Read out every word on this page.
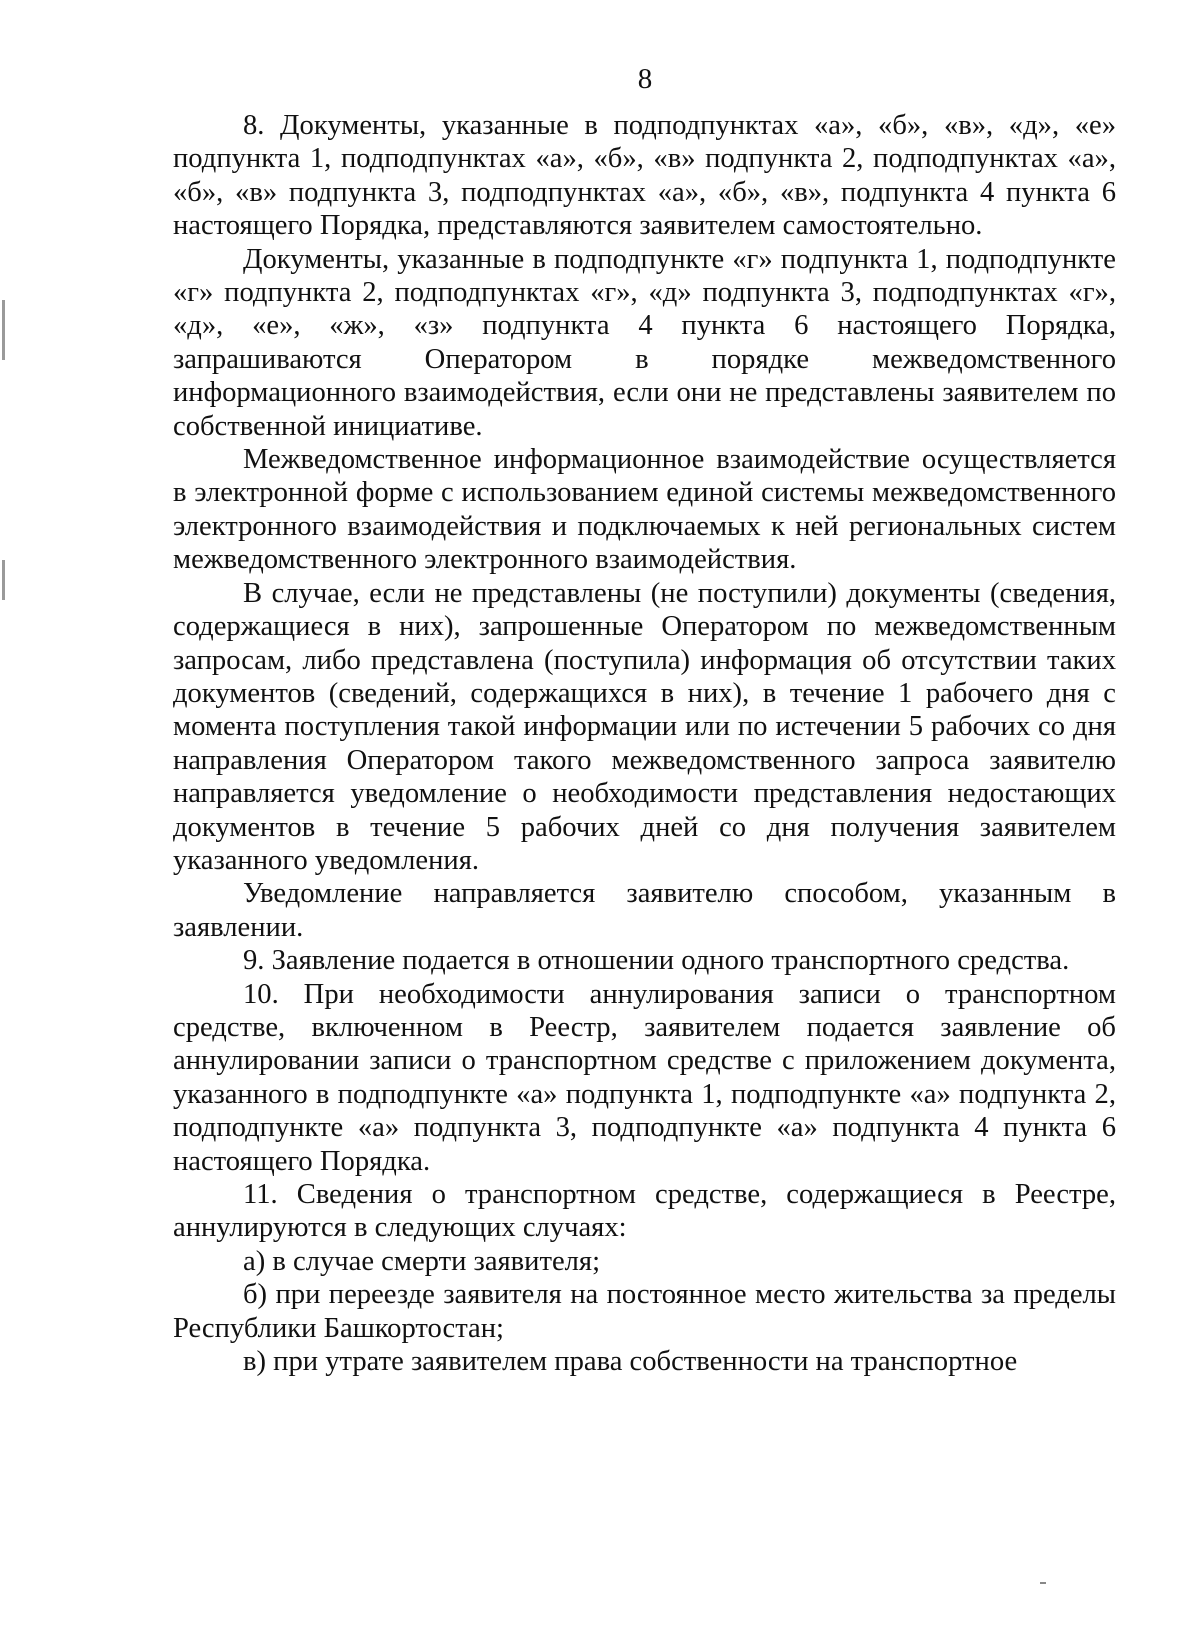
8

8. Документы, указанные в подподпунктах «а», «б», «в», «д», «е» подпункта 1, подподпунктах «а», «б», «в» подпункта 2, подподпунктах «а», «б», «в» подпункта 3, подподпунктах «а», «б», «в», подпункта 4 пункта 6 настоящего Порядка, представляются заявителем самостоятельно.

Документы, указанные в подподпункте «г» подпункта 1, подподпункте «г» подпункта 2, подподпунктах «г», «д» подпункта 3, подподпунктах «г», «д», «е», «ж», «з» подпункта 4 пункта 6 настоящего Порядка, запрашиваются Оператором в порядке межведомственного информационного взаимодействия, если они не представлены заявителем по собственной инициативе.

Межведомственное информационное взаимодействие осуществляется в электронной форме с использованием единой системы межведомственного электронного взаимодействия и подключаемых к ней региональных систем межведомственного электронного взаимодействия.

В случае, если не представлены (не поступили) документы (сведения, содержащиеся в них), запрошенные Оператором по межведомственным запросам, либо представлена (поступила) информация об отсутствии таких документов (сведений, содержащихся в них), в течение 1 рабочего дня с момента поступления такой информации или по истечении 5 рабочих со дня направления Оператором такого межведомственного запроса заявителю направляется уведомление о необходимости представления недостающих документов в течение 5 рабочих дней со дня получения заявителем указанного уведомления.

Уведомление направляется заявителю способом, указанным в заявлении.

9. Заявление подается в отношении одного транспортного средства.

10. При необходимости аннулирования записи о транспортном средстве, включенном в Реестр, заявителем подается заявление об аннулировании записи о транспортном средстве с приложением документа, указанного в подподпункте «а» подпункта 1, подподпункте «а» подпункта 2, подподпункте «а» подпункта 3, подподпункте «а» подпункта 4 пункта 6 настоящего Порядка.

11. Сведения о транспортном средстве, содержащиеся в Реестре, аннулируются в следующих случаях:

а) в случае смерти заявителя;

б) при переезде заявителя на постоянное место жительства за пределы Республики Башкортостан;

в) при утрате заявителем права собственности на транспортное
